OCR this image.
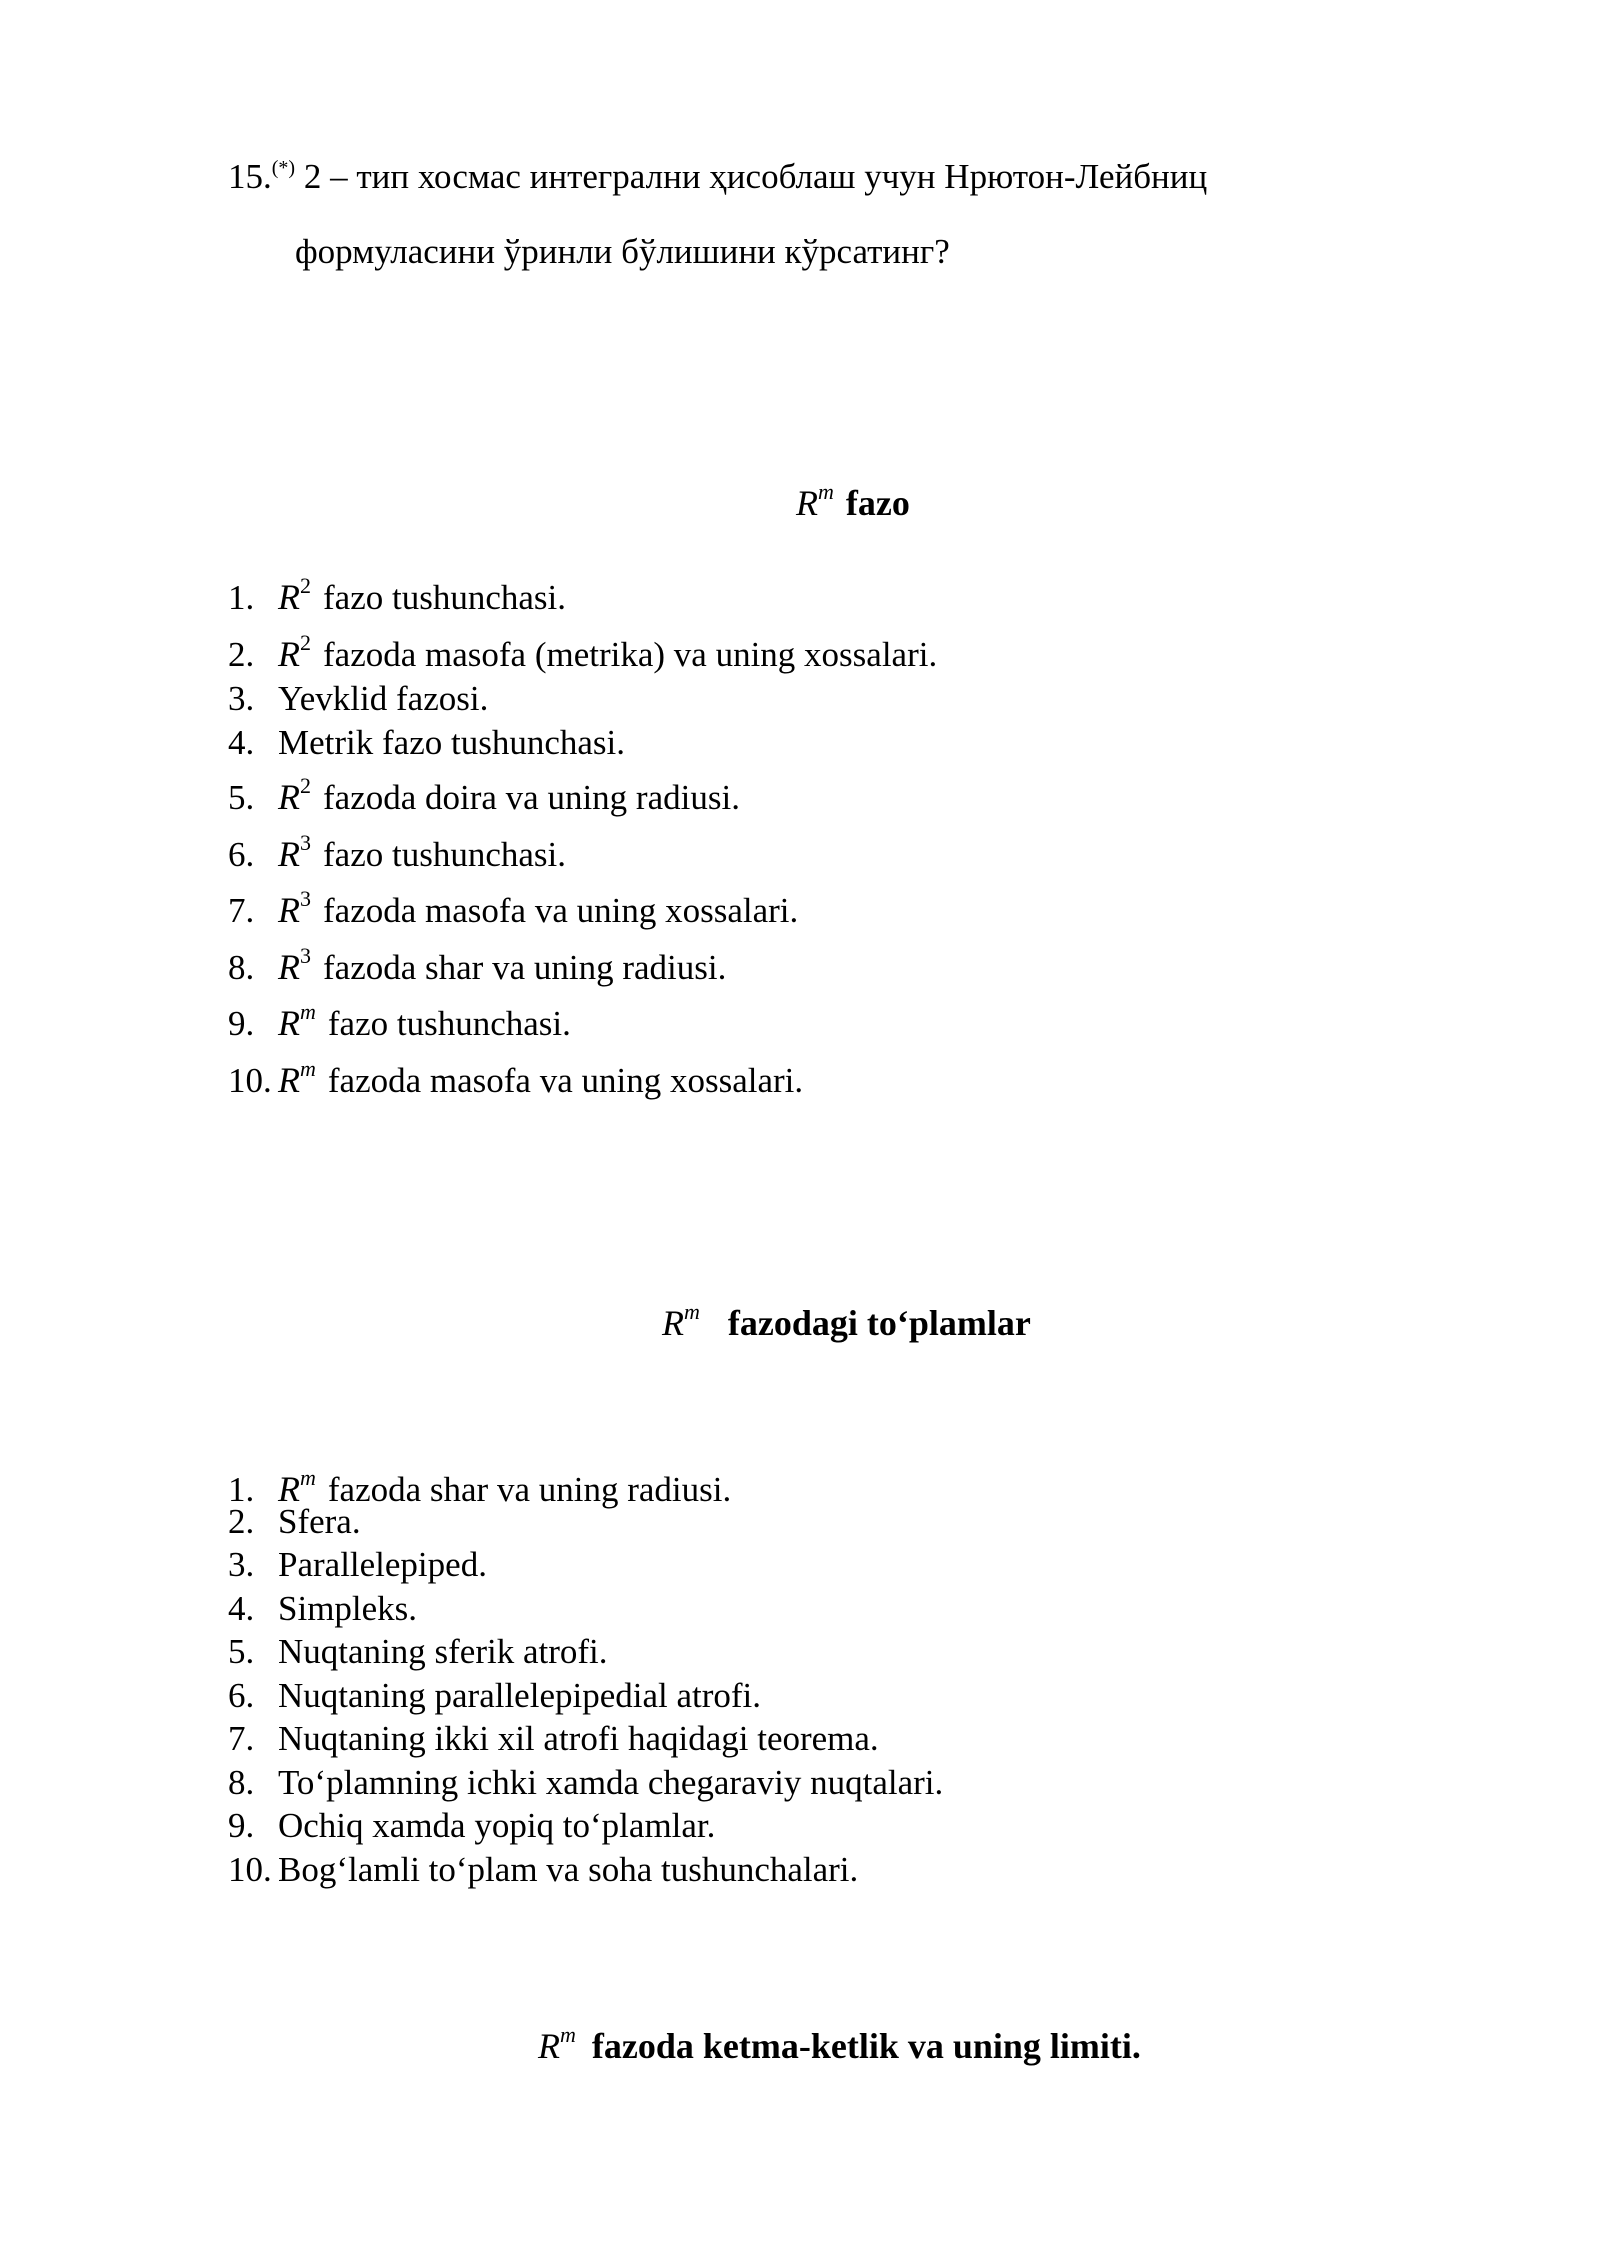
15.(*) 2 – тип хосмас интегрални ҳисоблаш учун Нрютон-Лейбниц
формуласини ўринли бўлишини кўрсатинг?
$R^m$ fazo
1. $R^2$ fazo tushunchasi.
2. $R^2$ fazoda masofa (metrika) va uning xossalari.
3. Yevklid fazosi.
4. Metrik fazo tushunchasi.
5. $R^2$ fazoda doira va uning radiusi.
6. $R^3$ fazo tushunchasi.
7. $R^3$ fazoda masofa va uning xossalari.
8. $R^3$ fazoda shar va uning radiusi.
9. $R^m$ fazo tushunchasi.
10. $R^m$ fazoda masofa va uning xossalari.
$R^m$ fazodagi to‘plamlar
1. $R^m$ fazoda shar va uning radiusi.
2. Sfera.
3. Parallelepiped.
4. Simpleks.
5. Nuqtaning sferik atrofi.
6. Nuqtaning parallelepipedial atrofi.
7. Nuqtaning ikki xil atrofi haqidagi teorema.
8. To‘plamning ichki xamda chegaraviy nuqtalari.
9. Ochiq xamda yopiq to‘plamlar.
10. Bog‘lamli to‘plam va soha tushunchalari.
$R^m$ fazoda ketma-ketlik va uning limiti.
